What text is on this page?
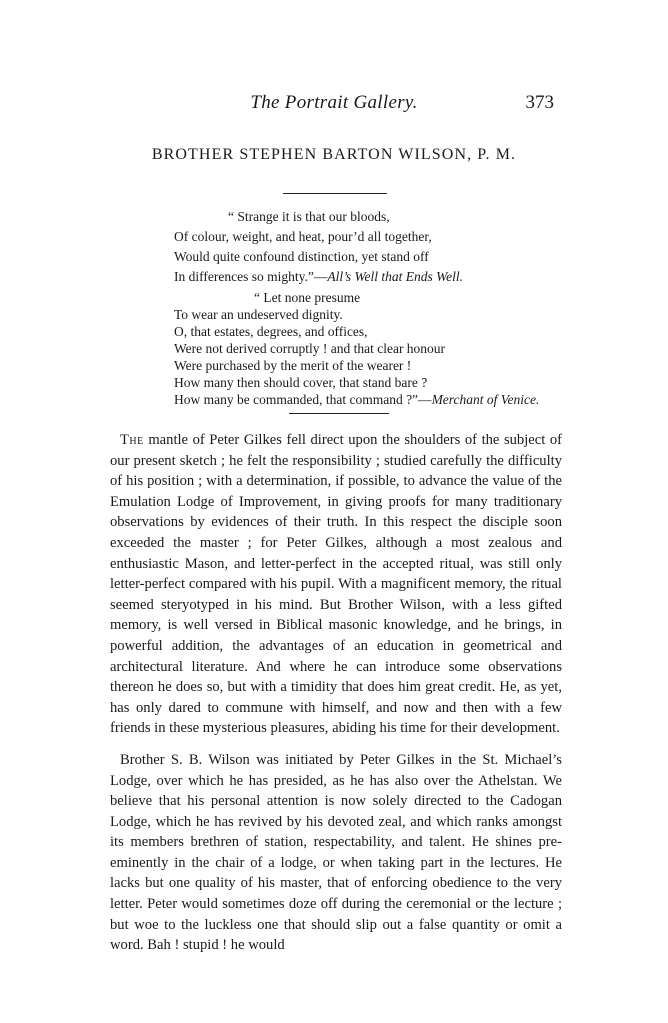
The Portrait Gallery.	373
BROTHER STEPHEN BARTON WILSON, P. M.
“ Strange it is that our bloods,
Of colour, weight, and heat, pour’d all together,
Would quite confound distinction, yet stand off
In differences so mighty.”—All’s Well that Ends Well.
“ Let none presume
To wear an undeserved dignity.
O, that estates, degrees, and offices,
Were not derived corruptly ! and that clear honour
Were purchased by the merit of the wearer !
How many then should cover, that stand bare ?
How many be commanded, that command ?”—Merchant of Venice.

The mantle of Peter Gilkes fell direct upon the shoulders of the subject of our present sketch ; he felt the responsibility ; studied carefully the difficulty of his position ; with a determination, if possible, to advance the value of the Emulation Lodge of Improvement, in giving proofs for many traditionary observations by evidences of their truth. In this respect the disciple soon exceeded the master ; for Peter Gilkes, although a most zealous and enthusiastic Mason, and letter-perfect in the accepted ritual, was still only letter-perfect compared with his pupil. With a magnificent memory, the ritual seemed steryotyped in his mind. But Brother Wilson, with a less gifted memory, is well versed in Biblical masonic knowledge, and he brings, in powerful addition, the advantages of an education in geometrical and architectural literature. And where he can introduce some observations thereon he does so, but with a timidity that does him great credit. He, as yet, has only dared to commune with himself, and now and then with a few friends in these mysterious pleasures, abiding his time for their development.

Brother S. B. Wilson was initiated by Peter Gilkes in the St. Michael’s Lodge, over which he has presided, as he has also over the Athelstan. We believe that his personal attention is now solely directed to the Cadogan Lodge, which he has revived by his devoted zeal, and which ranks amongst its members brethren of station, respectability, and talent. He shines pre-eminently in the chair of a lodge, or when taking part in the lectures. He lacks but one quality of his master, that of enforcing obedience to the very letter. Peter would sometimes doze off during the ceremonial or the lecture ; but woe to the luckless one that should slip out a false quantity or omit a word. Bah ! stupid ! he would
